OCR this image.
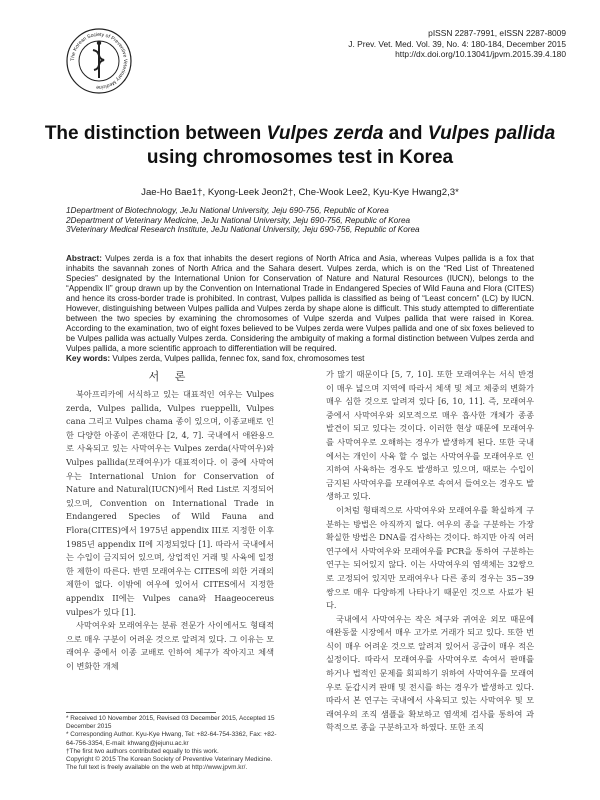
The Korean Society of Preventive Veterinary Medicine
pISSN 2287-7991, eISSN 2287-8009
J. Prev. Vet. Med. Vol. 39, No. 4: 180-184, December 2015
http://dx.doi.org/10.13041/jpvm.2015.39.4.180
The distinction between Vulpes zerda and Vulpes pallida
using chromosomes test in Korea
Jae-Ho Bae1†, Kyong-Leek Jeon2†, Che-Wook Lee2, Kyu-Kye Hwang2,3*
1Department of Biotechnology, JeJu National University, Jeju 690-756, Republic of Korea
2Department of Veterinary Medicine, JeJu National University, Jeju 690-756, Republic of Korea
3Veterinary Medical Research Institute, JeJu National University, Jeju 690-756, Republic of Korea
Abstract: Vulpes zerda is a fox that inhabits the desert regions of North Africa and Asia, whereas Vulpes pallida is a fox that inhabits the savannah zones of North Africa and the Sahara desert. Vulpes zerda, which is on the “Red List of Threatened Species” designated by the International Union for Conservation of Nature and Natural Resources (IUCN), belongs to the “Appendix II” group drawn up by the Convention on International Trade in Endangered Species of Wild Fauna and Flora (CITES) and hence its cross-border trade is prohibited. In contrast, Vulpes pallida is classified as being of “Least concern” (LC) by IUCN. However, distinguishing between Vulpes pallida and Vulpes zerda by shape alone is difficult. This study attempted to differentiate between the two species by examining the chromosomes of Vulpe szerda and Vulpes pallida that were raised in Korea. According to the examination, two of eight foxes believed to be Vulpes zerda were Vulpes pallida and one of six foxes believed to be Vulpes pallida was actually Vulpes zerda. Considering the ambiguity of making a formal distinction between Vulpes zerda and Vulpes pallida, a more scientific approach to differentiation will be required.
Key words: Vulpes zerda, Vulpes pallida, fennec fox, sand fox, chromosomes test
서 론

북아프리카에 서식하고 있는 대표적인 여우는 Vulpes zerda, Vulpes pallida, Vulpes rueppelli, Vulpes cana 그리고 Vulpes chama 종이 있으며, 이종교배로 인한 다양한 아종이 존재한다 [2, 4, 7]. 국내에서 애완용으로 사육되고 있는 사막여우는 Vulpes zerda(사막여우)와 Vulpes pallida(모래여우)가 대표적이다. 이 중에 사막여우는 International Union for Conservation of Nature and Natural(IUCN)에서 Red List로 지정되어 있으며, Convention on International Trade in Endangered Species of Wild Fauna and Flora(CITES)에서 1975년 appendix III로 지정한 이후 1985년 appendix II에 지정되었다 [1]. 따라서 국내에서는 수입이 금지되어 있으며, 상업적인 거래 및 사육에 일정한 제한이 따른다. 반면 모래여우는 CITES에 의한 거래의 제한이 없다. 이밖에 여우에 있어서 CITES에서 지정한 appendix II에는 Vulpes cana와 Haageocereus vulpes가 있다 [1].

사막여우와 모래여우는 분류 전문가 사이에서도 형태적으로 매우 구분이 어려운 것으로 알려져 있다. 그 이유는 모래여우 중에서 이종 교배로 인하여 체구가 작아지고 체색이 변화한 개체

가 많기 때문이다 [5, 7, 10]. 또한 모래여우는 서식 반경이 매우 넓으며 지역에 따라서 체색 및 체고 체중의 변화가 매우 심한 것으로 알려져 있다 [6, 10, 11]. 즉, 모래여우 중에서 사막여우와 외모적으로 매우 흡사한 개체가 종종 발견이 되고 있다는 것이다. 이러한 현상 때문에 모래여우를 사막여우로 오해하는 경우가 발생하게 된다. 또한 국내에서는 개인이 사육 할 수 없는 사막여우를 모래여우로 인지하여 사육하는 경우도 발생하고 있으며, 때로는 수입이 금지된 사막여우를 모래여우로 속여서 들여오는 경우도 발생하고 있다.

이처럼 형태적으로 사막여우와 모래여우를 확실하게 구분하는 방법은 아직까지 없다. 여우의 종을 구분하는 가장 확실한 방법은 DNA를 검사하는 것이다. 하지만 아직 여러 연구에서 사막여우와 모래여우를 PCR을 통하여 구분하는 연구는 되어있지 않다. 이는 사막여우의 염색체는 32쌍으로 고정되어 있지만 모래여우나 다른 종의 경우는 35~39쌍으로 매우 다양하게 나타나기 때문인 것으로 사료가 된다.

국내에서 사막여우는 작은 체구와 귀여운 외모 때문에 애완동물 시장에서 매우 고가로 거래가 되고 있다. 또한 번식이 매우 어려운 것으로 알려져 있어서 공급이 매우 적은 실정이다. 따라서 모래여우를 사막여우로 속여서 판매를 하거나 법적인 문제를 회피하기 위하여 사막여우를 모래여우로 둔갑시켜 판매 및 전시를 하는 경우가 발생하고 있다. 따라서 본 연구는 국내에서 사육되고 있는 사막여우 및 모래여우의 조직 샘플을 확보하고 염색체 검사를 통하여 과학적으로 종을 구분하고자 하였다. 또한 조직

* Received 10 November 2015, Revised 03 December 2015, Accepted 15 December 2015
* Corresponding Author. Kyu-Kye Hwang, Tel: +82-64-754-3362, Fax: +82-64-756-3354, E-mail: khwang@jejunu.ac.kr
†The first two authors contributed equally to this work.
Copyright © 2015 The Korean Society of Preventive Veterinary Medicine.
The full text is freely available on the web at http://www.jpvm.kr/.
